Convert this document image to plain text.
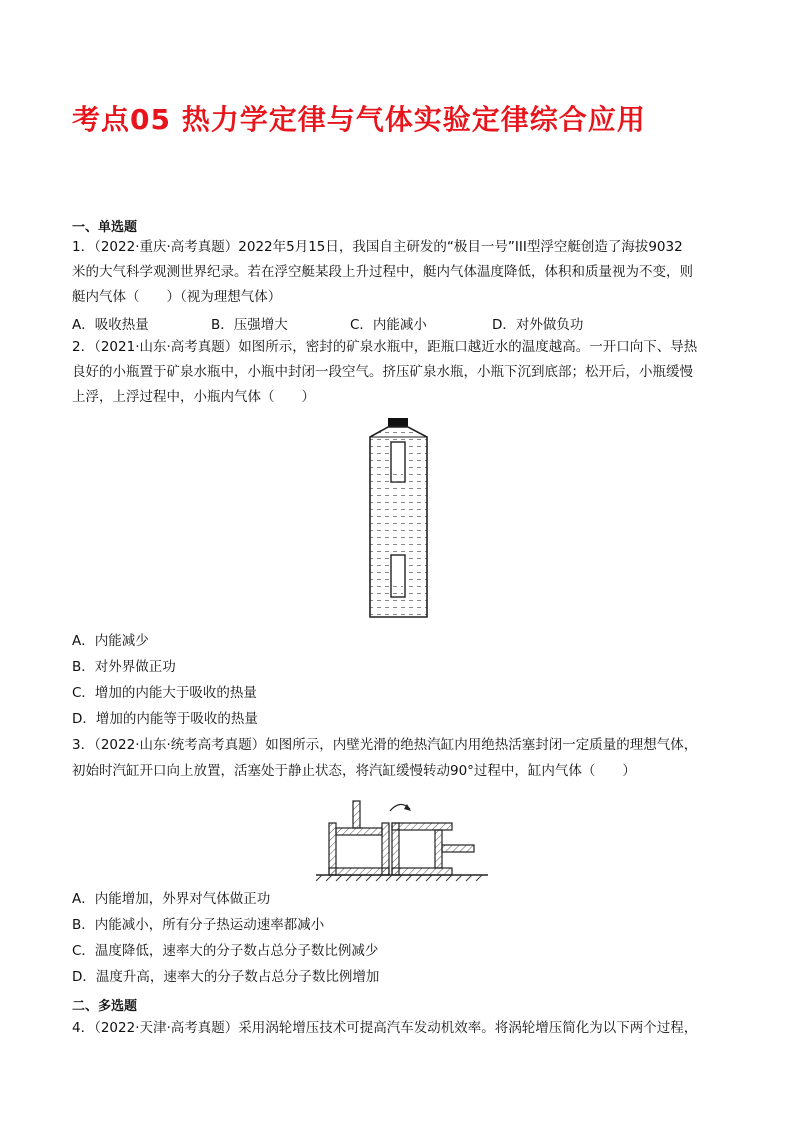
考点05 热力学定律与气体实验定律综合应用
一、单选题
1．（2022·重庆·高考真题）2022年5月15日，我国自主研发的“极目一号”III型浮空艇创造了海拔9032
米的大气科学观测世界纪录。若在浮空艇某段上升过程中，艇内气体温度降低，体积和质量视为不变，则
艇内气体（　　）（视为理想气体）
A．吸收热量	B．压强增大	C．内能减小	D．对外做负功
2．（2021·山东·高考真题）如图所示，密封的矿泉水瓶中，距瓶口越近水的温度越高。一开口向下、导热
良好的小瓶置于矿泉水瓶中，小瓶中封闭一段空气。挤压矿泉水瓶，小瓶下沉到底部；松开后，小瓶缓慢
上浮，上浮过程中，小瓶内气体（　　）
A．内能减少
B．对外界做正功
C．增加的内能大于吸收的热量
D．增加的内能等于吸收的热量
3．（2022·山东·统考高考真题）如图所示，内壁光滑的绝热汽缸内用绝热活塞封闭一定质量的理想气体，
初始时汽缸开口向上放置，活塞处于静止状态，将汽缸缓慢转动90°过程中，缸内气体（　　）
A．内能增加，外界对气体做正功
B．内能减小，所有分子热运动速率都减小
C．温度降低，速率大的分子数占总分子数比例减少
D．温度升高，速率大的分子数占总分子数比例增加
二、多选题
4．（2022·天津·高考真题）采用涡轮增压技术可提高汽车发动机效率。将涡轮增压简化为以下两个过程，
